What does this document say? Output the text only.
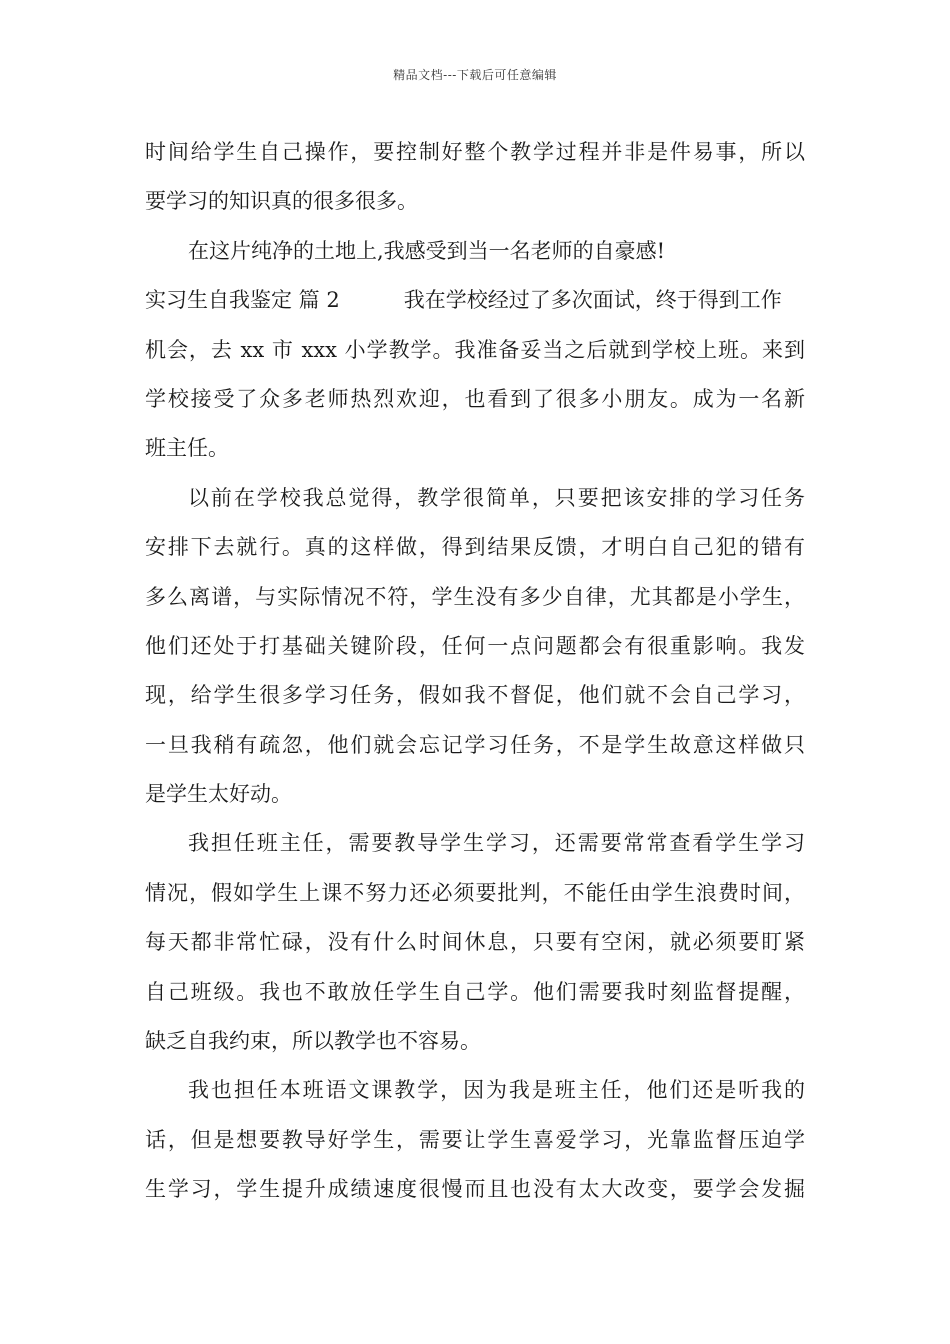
精品文档---下载后可任意编辑
时间给学生自己操作，要控制好整个教学过程并非是件易事，所以
要学习的知识真的很多很多。
在这片纯净的土地上,我感受到当一名老师的自豪感!
实习生自我鉴定 篇 2	我在学校经过了多次面试，终于得到工作
机会，去 xx 市 xxx 小学教学。我准备妥当之后就到学校上班。来到
学校接受了众多老师热烈欢迎，也看到了很多小朋友。成为一名新
班主任。
以前在学校我总觉得，教学很简单，只要把该安排的学习任务
安排下去就行。真的这样做，得到结果反馈，才明白自己犯的错有
多么离谱，与实际情况不符，学生没有多少自律，尤其都是小学生，
他们还处于打基础关键阶段，任何一点问题都会有很重影响。我发
现，给学生很多学习任务，假如我不督促，他们就不会自己学习，
一旦我稍有疏忽，他们就会忘记学习任务，不是学生故意这样做只
是学生太好动。
我担任班主任，需要教导学生学习，还需要常常查看学生学习
情况，假如学生上课不努力还必须要批判，不能任由学生浪费时间，
每天都非常忙碌，没有什么时间休息，只要有空闲，就必须要盯紧
自己班级。我也不敢放任学生自己学。他们需要我时刻监督提醒，
缺乏自我约束，所以教学也不容易。
我也担任本班语文课教学，因为我是班主任，他们还是听我的
话，但是想要教导好学生，需要让学生喜爱学习，光靠监督压迫学
生学习，学生提升成绩速度很慢而且也没有太大改变，要学会发掘
